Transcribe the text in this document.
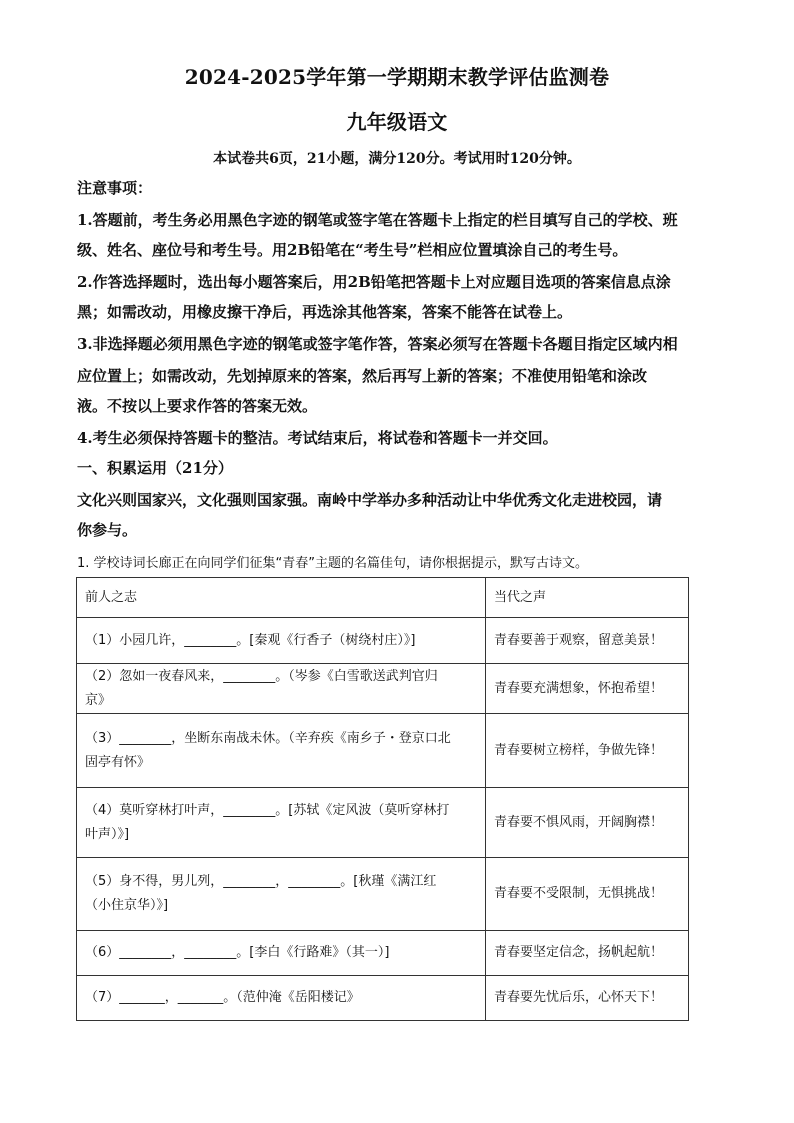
2024-2025学年第一学期期末教学评估监测卷
九年级语文
本试卷共6页，21小题，满分120分。考试用时120分钟。
注意事项：
1.答题前，考生务必用黑色字迹的钢笔或签字笔在答题卡上指定的栏目填写自己的学校、班
级、姓名、座位号和考生号。用2B铅笔在“考生号”栏相应位置填涂自己的考生号。
2.作答选择题时，选出每小题答案后，用2B铅笔把答题卡上对应题目选项的答案信息点涂
黑；如需改动，用橡皮擦干净后，再选涂其他答案，答案不能答在试卷上。
3.非选择题必须用黑色字迹的钢笔或签字笔作答，答案必须写在答题卡各题目指定区域内相
应位置上；如需改动，先划掉原来的答案，然后再写上新的答案；不准使用铅笔和涂改
液。不按以上要求作答的答案无效。
4.考生必须保持答题卡的整洁。考试结束后，将试卷和答题卡一并交回。
一、积累运用（21分）
文化兴则国家兴，文化强则国家强。南岭中学举办多种活动让中华优秀文化走进校园，请
你参与。
1. 学校诗词长廊正在向同学们征集“青春”主题的名篇佳句，请你根据提示，默写古诗文。
前人之志	当代之声

（1）小园几许，________。[秦观《行香子（树绕村庄）》]	青春要善于观察，留意美景！

（2）忽如一夜春风来，________。（岑参《白雪歌送武判官归
京》	青春要充满想象，怀抱希望！

（3）________，坐断东南战未休。（辛弃疾《南乡子・登京口北
固亭有怀》	青春要树立榜样，争做先锋！

（4）莫听穿林打叶声，________。[苏轼《定风波（莫听穿林打
叶声）》]	青春要不惧风雨，开阔胸襟！

（5）身不得，男儿列，________，________。[秋瑾《满江红
（小住京华）》]	青春要不受限制，无惧挑战！

（6）________，________。[李白《行路难》（其一）]	青春要坚定信念，扬帆起航！

（7）_______，_______。（范仲淹《岳阳楼记》	青春要先忧后乐，心怀天下！
